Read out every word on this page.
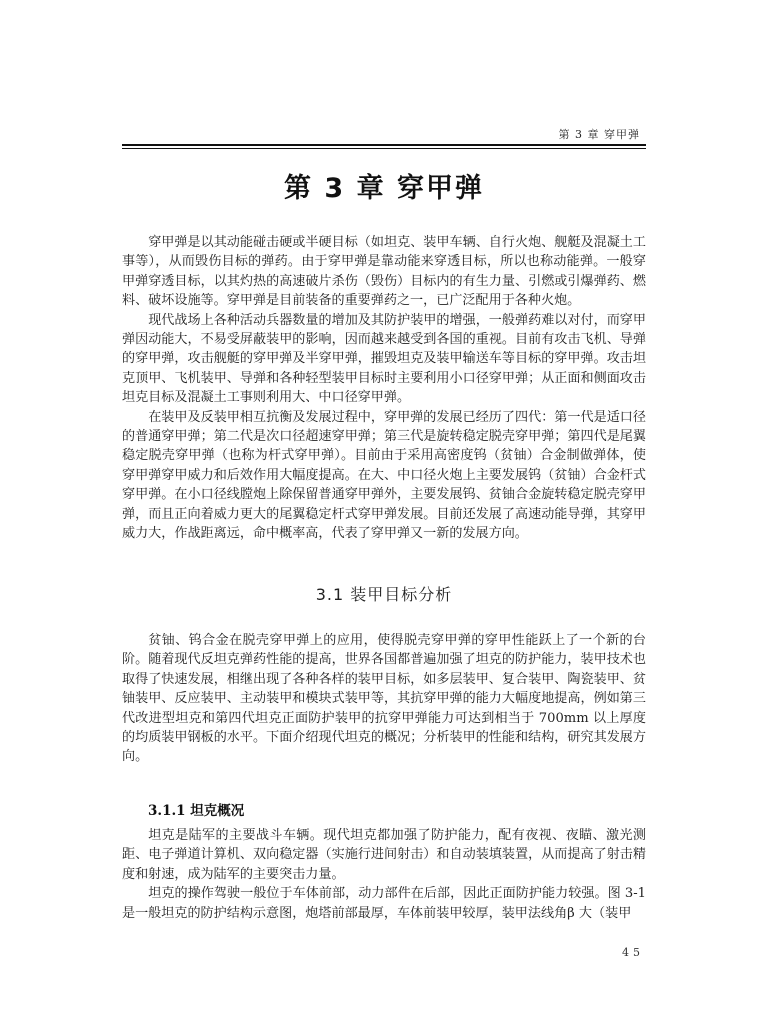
第 3 章 穿甲弹
第 3 章 穿甲弹

穿甲弹是以其动能碰击硬或半硬目标（如坦克、装甲车辆、自行火炮、舰艇及混凝土工事等），从而毁伤目标的弹药。由于穿甲弹是靠动能来穿透目标，所以也称动能弹。一般穿甲弹穿透目标，以其灼热的高速破片杀伤（毁伤）目标内的有生力量、引燃或引爆弹药、燃料、破坏设施等。穿甲弹是目前装备的重要弹药之一，已广泛配用于各种火炮。

现代战场上各种活动兵器数量的增加及其防护装甲的增强，一般弹药难以对付，而穿甲弹因动能大，不易受屏蔽装甲的影响，因而越来越受到各国的重视。目前有攻击飞机、导弹的穿甲弹，攻击舰艇的穿甲弹及半穿甲弹，摧毁坦克及装甲输送车等目标的穿甲弹。攻击坦克顶甲、飞机装甲、导弹和各种轻型装甲目标时主要利用小口径穿甲弹；从正面和侧面攻击坦克目标及混凝土工事则利用大、中口径穿甲弹。

在装甲及反装甲相互抗衡及发展过程中，穿甲弹的发展已经历了四代：第一代是适口径的普通穿甲弹；第二代是次口径超速穿甲弹；第三代是旋转稳定脱壳穿甲弹；第四代是尾翼稳定脱壳穿甲弹（也称为杆式穿甲弹）。目前由于采用高密度钨（贫铀）合金制做弹体，使穿甲弹穿甲威力和后效作用大幅度提高。在大、中口径火炮上主要发展钨（贫铀）合金杆式穿甲弹。在小口径线膛炮上除保留普通穿甲弹外，主要发展钨、贫铀合金旋转稳定脱壳穿甲弹，而且正向着威力更大的尾翼稳定杆式穿甲弹发展。目前还发展了高速动能导弹，其穿甲威力大，作战距离远，命中概率高，代表了穿甲弹又一新的发展方向。

3.1 装甲目标分析

贫铀、钨合金在脱壳穿甲弹上的应用，使得脱壳穿甲弹的穿甲性能跃上了一个新的台阶。随着现代反坦克弹药性能的提高，世界各国都普遍加强了坦克的防护能力，装甲技术也取得了快速发展，相继出现了各种各样的装甲目标，如多层装甲、复合装甲、陶瓷装甲、贫铀装甲、反应装甲、主动装甲和模块式装甲等，其抗穿甲弹的能力大幅度地提高，例如第三代改进型坦克和第四代坦克正面防护装甲的抗穿甲弹能力可达到相当于 700mm 以上厚度的均质装甲钢板的水平。下面介绍现代坦克的概况；分析装甲的性能和结构，研究其发展方向。

3.1.1 坦克概况

坦克是陆军的主要战斗车辆。现代坦克都加强了防护能力，配有夜视、夜瞄、激光测距、电子弹道计算机、双向稳定器（实施行进间射击）和自动装填装置，从而提高了射击精度和射速，成为陆军的主要突击力量。

坦克的操作驾驶一般位于车体前部，动力部件在后部，因此正面防护能力较强。图 3-1 是一般坦克的防护结构示意图，炮塔前部最厚，车体前装甲较厚，装甲法线角β 大（装甲

45
